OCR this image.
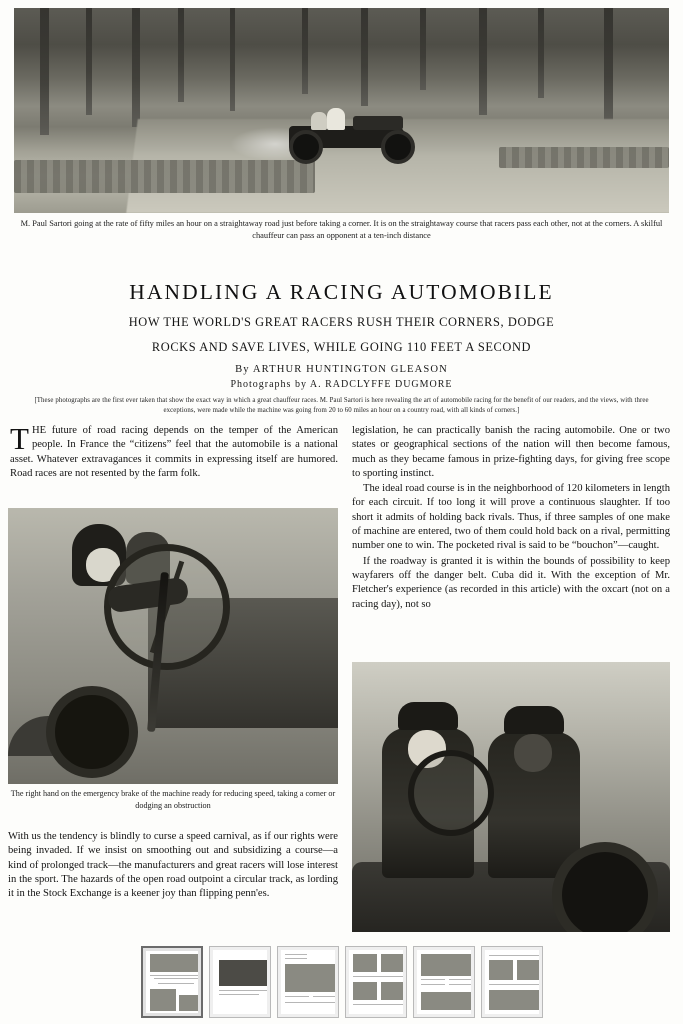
M. Paul Sartori going at the rate of fifty miles an hour on a straightaway road just before taking a corner. It is on the straightaway course that racers pass each other, not at the corners. A skilful chauffeur can pass an opponent at a ten-inch distance
HANDLING A RACING AUTOMOBILE
HOW THE WORLD'S GREAT RACERS RUSH THEIR CORNERS, DODGE
ROCKS AND SAVE LIVES, WHILE GOING 110 FEET A SECOND
By ARTHUR HUNTINGTON GLEASON
Photographs by A. RADCLYFFE DUGMORE
[These photographs are the first ever taken that show the exact way in which a great chauffeur races. M. Paul Sartori is here revealing the art of automobile racing for the benefit of our readers, and the views, with three exceptions, were made while the machine was going from 20 to 60 miles an hour on a country road, with all kinds of corners.]
T HE future of road racing depends on the temper of the American people. In France the “citizens” feel that the automobile is a national asset. Whatever extravagances it commits in expressing itself are humored. Road races are not resented by the farm folk.

legislation, he can practically banish the racing automobile. One or two states or geographical sections of the nation will then become famous, much as they became famous in prize-fighting days, for giving free scope to sporting instinct.

The ideal road course is in the neighborhood of 120 kilometers in length for each circuit. If too long it will prove a continuous slaughter. If too short it admits of holding back rivals. Thus, if three samples of one make of machine are entered, two of them could hold back on a rival, permitting number one to win. The pocketed rival is said to be “bouchon”—caught.

If the roadway is granted it is within the bounds of possibility to keep wayfarers off the danger belt. Cuba did it. With the exception of Mr. Fletcher's experience (as recorded in this article) with the oxcart (not on a racing day), not so

The right hand on the emergency brake of the machine ready for reducing speed, taking a corner or dodging an obstruction

With us the tendency is blindly to curse a speed carnival, as if our rights were being invaded. If we insist on smoothing out and subsidizing a course—a kind of prolonged track—the manufacturers and great racers will lose interest in the sport. The hazards of the open road outpoint a circular track, as lording it in the Stock Exchange is a keener joy than flipping penn'es.
